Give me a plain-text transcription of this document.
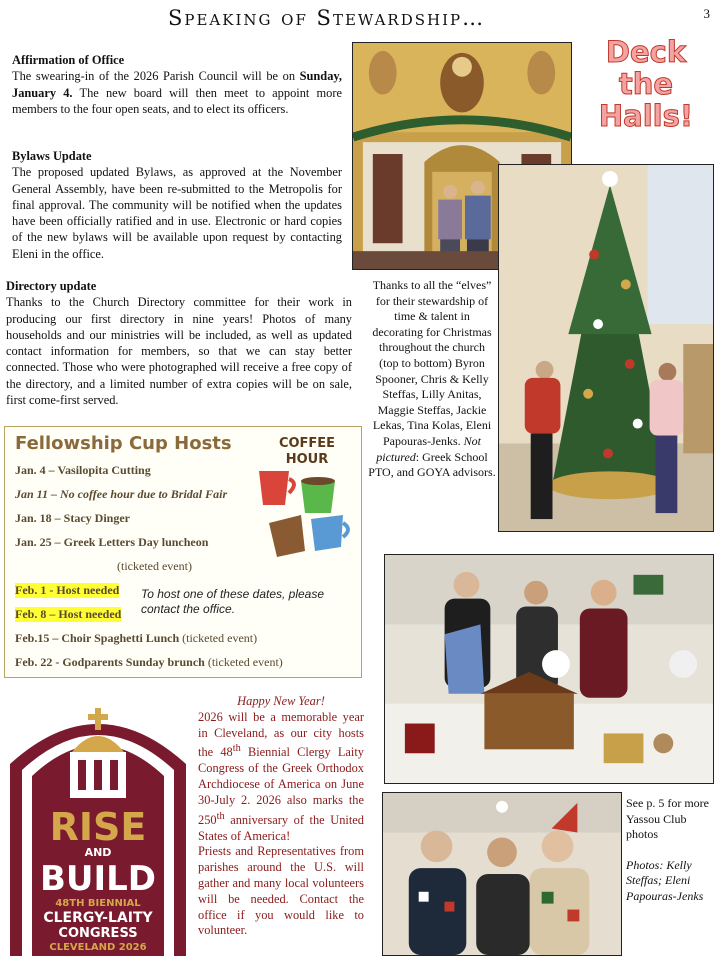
Speaking of Stewardship…	3
Affirmation of Office

The swearing-in of the 2026 Parish Council will be on Sunday, January 4. The new board will then meet to appoint more members to the four open seats, and to elect its officers.

Bylaws Update

The proposed updated Bylaws, as approved at the November General Assembly, have been re-submitted to the Metropolis for final approval. The community will be notified when the updates have been officially ratified and in use. Electronic or hard copies of the new bylaws will be available upon request by contacting Eleni in the office.

Directory update

Thanks to the Church Directory committee for their work in producing our first directory in nine years! Photos of many households and our ministries will be included, as well as updated contact information for members, so that we can stay better connected. Those who were photographed will receive a free copy of the directory, and a limited number of extra copies will be on sale, first come-first served.

Deck
the
Halls!
Thanks to all the “elves” for their stewardship of time & talent in decorating for Christmas throughout the church (top to bottom) Byron Spooner, Chris & Kelly Steffas, Lilly Anitas, Maggie Steffas, Jackie Lekas, Tina Kolas, Eleni Papouras-Jenks. Not pictured: Greek School PTO, and GOYA advisors.
Fellowship Cup Hosts	COFFEE
HOUR
Jan. 4 – Vasilopita Cutting
Jan 11 – No coffee hour due to Bridal Fair
Jan. 18 – Stacy Dinger
Jan. 25 – Greek Letters Day luncheon
(ticketed event)
Feb. 1 - Host needed
Feb. 8 – Host needed
To host one of these dates, please contact the office.
Feb.15 – Choir Spaghetti Lunch (ticketed event)
Feb. 22 - Godparents Sunday brunch (ticketed event)
RISE
AND
BUILD
48TH BIENNIAL
CLERGY-LAITY
CONGRESS
CLEVELAND 2026

Happy New Year!

2026 will be a memorable year in Cleveland, as our city hosts the 48th Biennial Clergy Laity Congress of the Greek Orthodox Archdiocese of America on June 30-July 2. 2026 also marks the 250th anniversary of the United States of America!

Priests and Representatives from parishes around the U.S. will gather and many local volunteers will be needed. Contact the office if you would like to volunteer.

See p. 5 for more Yassou Club photos

Photos: Kelly Steffas; Eleni Papouras-Jenks
